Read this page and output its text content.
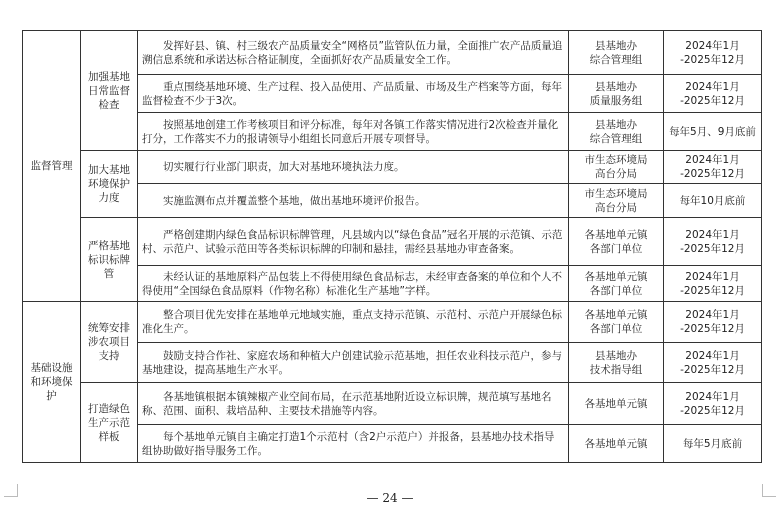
监督管理	加强基地日常监督检查	发挥好县、镇、村三级农产品质量安全“网格员”监管队伍力量，全面推广农产品质量追溯信息系统和承诺达标合格证制度，全面抓好农产品质量安全工作。	县基地办
综合管理组	2024年1月
-2025年12月
		重点围绕基地环境、生产过程、投入品使用、产品质量、市场及生产档案等方面，每年监督检查不少于3次。	县基地办
质量服务组	2024年1月
-2025年12月
		按照基地创建工作考核项目和评分标准，每年对各镇工作落实情况进行2次检查并量化打分，工作落实不力的报请领导小组组长同意后开展专项督导。	县基地办
综合管理组	每年5月、9月底前
	加大基地环境保护力度	切实履行行业部门职责，加大对基地环境执法力度。	市生态环境局
高台分局	2024年1月
-2025年12月
		实施监测布点并覆盖整个基地，做出基地环境评价报告。	市生态环境局
高台分局	每年10月底前
	严格基地标识标牌管	严格创建期内绿色食品标识标牌管理，凡县域内以“绿色食品”冠名开展的示范镇、示范村、示范户、试验示范田等各类标识标牌的印制和悬挂，需经县基地办审查备案。	各基地单元镇
各部门单位	2024年1月
-2025年12月
		未经认证的基地原料产品包装上不得使用绿色食品标志，未经审查备案的单位和个人不得使用“全国绿色食品原料（作物名称）标准化生产基地”字样。	各基地单元镇
各部门单位	2024年1月
-2025年12月
基础设施和环境保护	统筹安排涉农项目支持	整合项目优先安排在基地单元地域实施，重点支持示范镇、示范村、示范户开展绿色标准化生产。	各基地单元镇
各部门单位	2024年1月
-2025年12月
		鼓励支持合作社、家庭农场和种植大户创建试验示范基地，担任农业科技示范户，参与基地建设，提高基地生产水平。	县基地办
技术指导组	2024年1月
-2025年12月
	打造绿色生产示范样板	各基地镇根据本镇辣椒产业空间布局，在示范基地附近设立标识牌，规范填写基地名称、范围、面积、栽培品种、主要技术措施等内容。	各基地单元镇	2024年1月
-2025年12月
		每个基地单元镇自主确定打造1个示范村（含2户示范户）并报备，县基地办技术指导组协助做好指导服务工作。	各基地单元镇	每年5月底前
— 24 —
